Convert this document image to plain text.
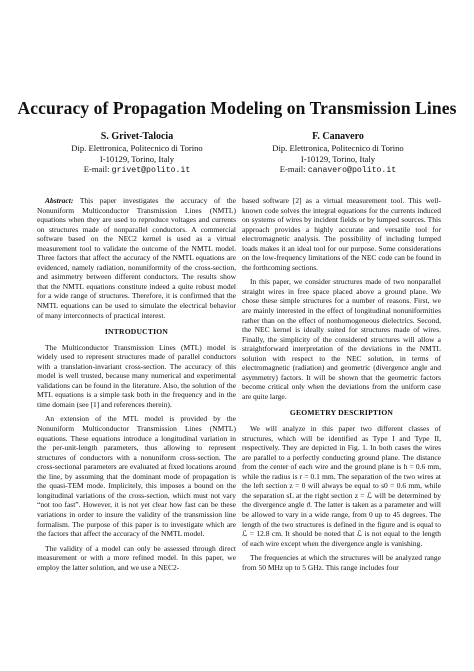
Accuracy of Propagation Modeling on Transmission Lines
S. Grivet-Talocia
Dip. Elettronica, Politecnico di Torino
I-10129, Torino, Italy
E-mail: grivet@polito.it
F. Canavero
Dip. Elettronica, Politecnico di Torino
I-10129, Torino, Italy
E-mail: canavero@polito.it

Abstract: This paper investigates the accuracy of the Nonuniform Multiconductor Transmission Lines (NMTL) equations when they are used to reproduce voltages and currents on structures made of nonparallel conductors. A commercial software based on the NEC2 kernel is used as a virtual measurement tool to validate the outcome of the NMTL model. Three factors that affect the accuracy of the NMTL equations are evidenced, namely radiation, nonuniformity of the cross-section, and asimmetry between different conductors. The results show that the NMTL equations constitute indeed a quite robust model for a wide range of structures. Therefore, it is confirmed that the NMTL equations can be used to simulate the electrical behavior of many interconnects of practical interest.

INTRODUCTION

The Multiconductor Transmission Lines (MTL) model is widely used to represent structures made of parallel conductors with a translation-invariant cross-section. The accuracy of this model is well trusted, because many numerical and experimental validations can be found in the literature. Also, the solution of the MTL equations is a simple task both in the frequency and in the time domain (see [1] and references therein).

An extension of the MTL model is provided by the Nonuniform Multiconductor Transmission Lines (NMTL) equations. These equations introduce a longitudinal variation in the per-unit-length parameters, thus allowing to represent structures of conductors with a nonuniform cross-section. The cross-sectional parameters are evaluated at fixed locations around the line, by assuming that the dominant mode of propagation is the quasi-TEM mode. Implicitely, this imposes a bound on the longitudinal variations of the cross-section, which must not vary “not too fast”. However, it is not yet clear how fast can be these variations in order to insure the validity of the transmission line formalism. The purpose of this paper is to investigate which are the factors that affect the accuracy of the NMTL model.

The validity of a model can only be assessed through direct measurement or with a more refined model. In this paper, we employ the latter solution, and we use a NEC2-

based software [2] as a virtual measurement tool. This well-known code solves the integral equations for the currents induced on systems of wires by incident fields or by lumped sources. This approach provides a highly accurate and versatile tool for electromagnetic analysis. The possibility of including lumped loads makes it an ideal tool for our purpose. Some considerations on the low-frequency limitations of the NEC code can be found in the forthcoming sections.

In this paper, we consider structures made of two nonparallel straight wires in free space placed above a ground plane. We chose these simple structures for a number of reasons. First, we are mainly interested in the effect of longitudinal nonuniformities rather than on the effect of nonhomogeneous dielectrics. Second, the NEC kernel is ideally suited for structures made of wires. Finally, the simplicity of the considered structures will allow a straightforward interpretation of the deviations in the NMTL solution with respect to the NEC solution, in terms of electromagnetic (radiation) and geometric (divergence angle and asymmetry) factors. It will be shown that the geometric factors become critical only when the deviations from the uniform case are quite large.

GEOMETRY DESCRIPTION

We will analyze in this paper two different classes of structures, which will be identified as Type I and Type II, respectively. They are depicted in Fig. 1. In both cases the wires are parallel to a perfectly conducting ground plane. The distance from the center of each wire and the ground plane is h = 0.6 mm, while the radius is r = 0.1 mm. The separation of the two wires at the left section z = 0 will always be equal to s0 = 0.6 mm, while the separation sL at the right section z = ℒ will be determined by the divergence angle ϑ. The latter is taken as a parameter and will be allowed to vary in a wide range, from 0 up to 45 degrees. The length of the two structures is defined in the figure and is equal to ℒ = 12.8 cm. It should be noted that ℒ is not equal to the length of each wire except when the divergence angle is vanishing.

The frequencies at which the structures will be analyzed range from 50 MHz up to 5 GHz. This range includes four
